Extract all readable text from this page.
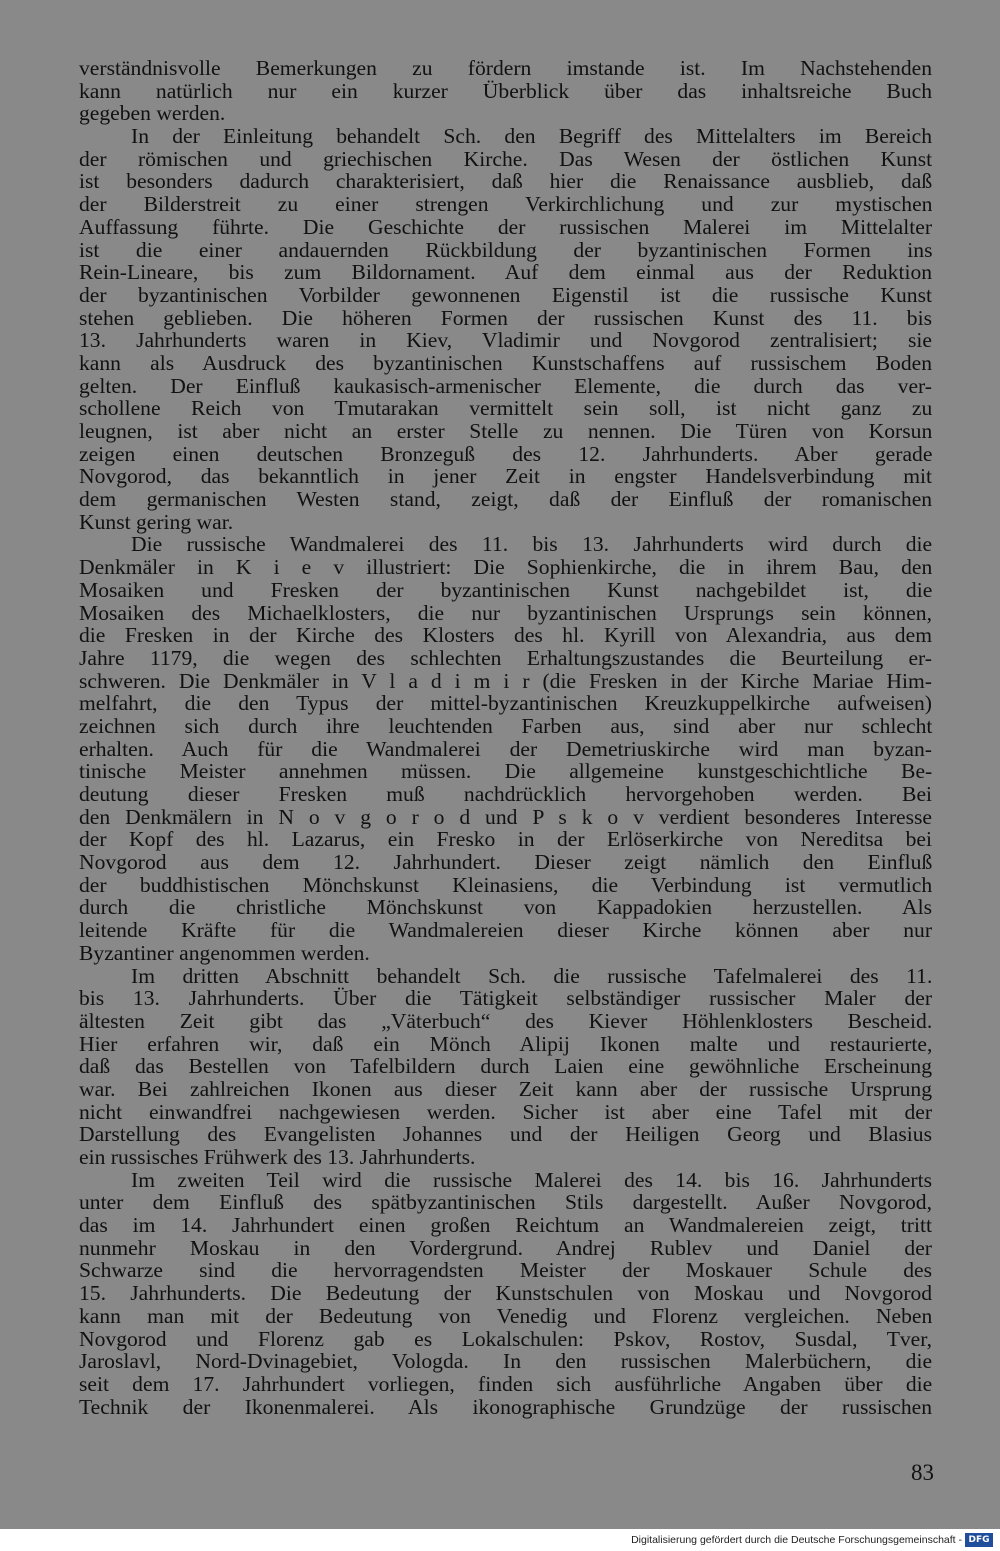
verständnisvolle Bemerkungen zu fördern imstande ist. Im Nachstehenden
kann natürlich nur ein kurzer Überblick über das inhaltsreiche Buch
gegeben werden.
In der Einleitung behandelt Sch. den Begriff des Mittelalters im Bereich
der römischen und griechischen Kirche. Das Wesen der östlichen Kunst
ist besonders dadurch charakterisiert, daß hier die Renaissance ausblieb, daß
der Bilderstreit zu einer strengen Verkirchlichung und zur mystischen
Auffassung führte. Die Geschichte der russischen Malerei im Mittelalter
ist die einer andauernden Rückbildung der byzantinischen Formen ins
Rein-Lineare, bis zum Bildornament. Auf dem einmal aus der Reduktion
der byzantinischen Vorbilder gewonnenen Eigenstil ist die russische Kunst
stehen geblieben. Die höheren Formen der russischen Kunst des 11. bis
13. Jahrhunderts waren in Kiev, Vladimir und Novgorod zentralisiert; sie
kann als Ausdruck des byzantinischen Kunstschaffens auf russischem Boden
gelten. Der Einfluß kaukasisch-armenischer Elemente, die durch das ver-
schollene Reich von Tmutarakan vermittelt sein soll, ist nicht ganz zu
leugnen, ist aber nicht an erster Stelle zu nennen. Die Türen von Korsun
zeigen einen deutschen Bronzeguß des 12. Jahrhunderts. Aber gerade
Novgorod, das bekanntlich in jener Zeit in engster Handelsverbindung mit
dem germanischen Westen stand, zeigt, daß der Einfluß der romanischen
Kunst gering war.
Die russische Wandmalerei des 11. bis 13. Jahrhunderts wird durch die
Denkmäler in K i e v illustriert: Die Sophienkirche, die in ihrem Bau, den
Mosaiken und Fresken der byzantinischen Kunst nachgebildet ist, die
Mosaiken des Michaelklosters, die nur byzantinischen Ursprungs sein können,
die Fresken in der Kirche des Klosters des hl. Kyrill von Alexandria, aus dem
Jahre 1179, die wegen des schlechten Erhaltungszustandes die Beurteilung er-
schweren. Die Denkmäler in V l a d i m i r (die Fresken in der Kirche Mariae Him-
melfahrt, die den Typus der mittel-byzantinischen Kreuzkuppelkirche aufweisen)
zeichnen sich durch ihre leuchtenden Farben aus, sind aber nur schlecht
erhalten. Auch für die Wandmalerei der Demetriuskirche wird man byzan-
tinische Meister annehmen müssen. Die allgemeine kunstgeschichtliche Be-
deutung dieser Fresken muß nachdrücklich hervorgehoben werden. Bei
den Denkmälern in N o v g o r o d und P s k o v verdient besonderes Interesse
der Kopf des hl. Lazarus, ein Fresko in der Erlöserkirche von Nereditsa bei
Novgorod aus dem 12. Jahrhundert. Dieser zeigt nämlich den Einfluß
der buddhistischen Mönchskunst Kleinasiens, die Verbindung ist vermutlich
durch die christliche Mönchskunst von Kappadokien herzustellen. Als
leitende Kräfte für die Wandmalereien dieser Kirche können aber nur
Byzantiner angenommen werden.
Im dritten Abschnitt behandelt Sch. die russische Tafelmalerei des 11.
bis 13. Jahrhunderts. Über die Tätigkeit selbständiger russischer Maler der
ältesten Zeit gibt das „Väterbuch“ des Kiever Höhlenklosters Bescheid.
Hier erfahren wir, daß ein Mönch Alipij Ikonen malte und restaurierte,
daß das Bestellen von Tafelbildern durch Laien eine gewöhnliche Erscheinung
war. Bei zahlreichen Ikonen aus dieser Zeit kann aber der russische Ursprung
nicht einwandfrei nachgewiesen werden. Sicher ist aber eine Tafel mit der
Darstellung des Evangelisten Johannes und der Heiligen Georg und Blasius
ein russisches Frühwerk des 13. Jahrhunderts.
Im zweiten Teil wird die russische Malerei des 14. bis 16. Jahrhunderts
unter dem Einfluß des spätbyzantinischen Stils dargestellt. Außer Novgorod,
das im 14. Jahrhundert einen großen Reichtum an Wandmalereien zeigt, tritt
nunmehr Moskau in den Vordergrund. Andrej Rublev und Daniel der
Schwarze sind die hervorragendsten Meister der Moskauer Schule des
15. Jahrhunderts. Die Bedeutung der Kunstschulen von Moskau und Novgorod
kann man mit der Bedeutung von Venedig und Florenz vergleichen. Neben
Novgorod und Florenz gab es Lokalschulen: Pskov, Rostov, Susdal, Tver,
Jaroslavl, Nord-Dvinagebiet, Vologda. In den russischen Malerbüchern, die
seit dem 17. Jahrhundert vorliegen, finden sich ausführliche Angaben über die
Technik der Ikonenmalerei. Als ikonographische Grundzüge der russischen
83
Digitalisierung gefördert durch die Deutsche Forschungsgemeinschaft - DFG
